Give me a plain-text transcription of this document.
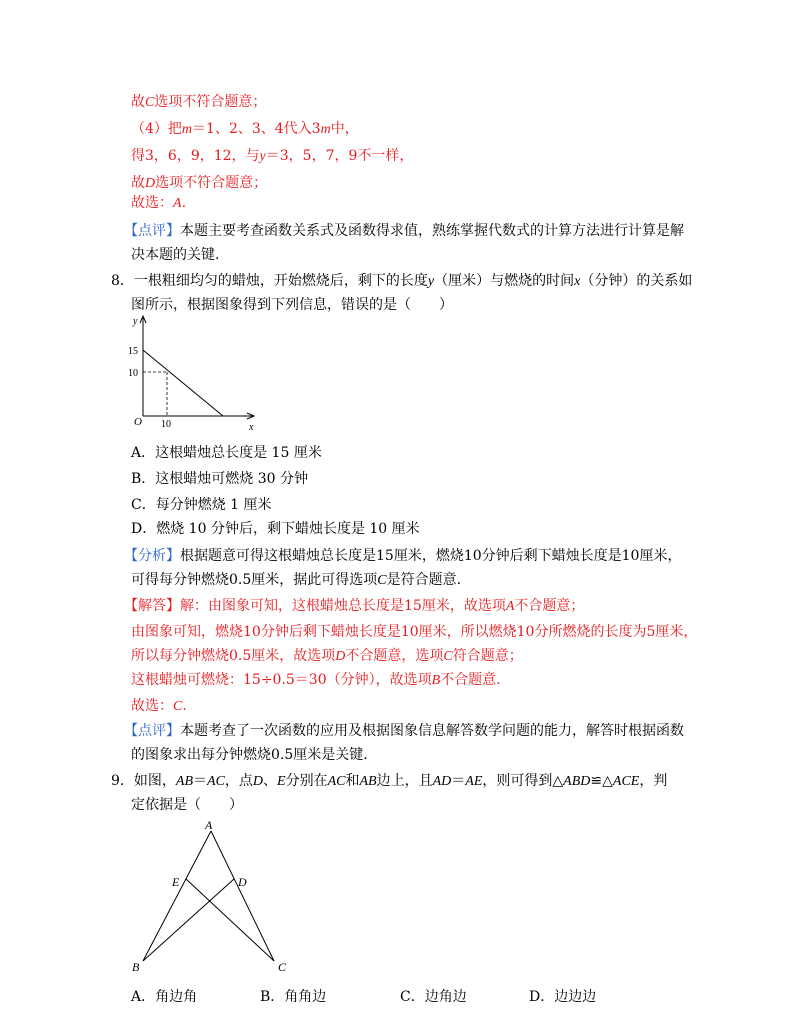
故C选项不符合题意；
（4）把m＝1、2、3、4代入3m中，
得3，6，9，12，与y＝3，5，7，9不一样，
故D选项不符合题意；
故选：A.
【点评】本题主要考查函数关系式及函数得求值，熟练掌握代数式的计算方法进行计算是解
决本题的关键.
8．一根粗细均匀的蜡烛，开始燃烧后，剩下的长度y（厘米）与燃烧的时间x（分钟）的关系如
图所示，根据图象得到下列信息，错误的是（　　）
y
15
10
O 10	x
A．这根蜡烛总长度是 15 厘米
B．这根蜡烛可燃烧 30 分钟
C．每分钟燃烧 1 厘米
D．燃烧 10 分钟后，剩下蜡烛长度是 10 厘米
【分析】根据题意可得这根蜡烛总长度是15厘米，燃烧10分钟后剩下蜡烛长度是10厘米，
可得每分钟燃烧0.5厘米，据此可得选项C是符合题意.
【解答】解：由图象可知，这根蜡烛总长度是15厘米，故选项A不合题意；
由图象可知，燃烧10分钟后剩下蜡烛长度是10厘米，所以燃烧10分所燃烧的长度为5厘米，
所以每分钟燃烧0.5厘米，故选项D不合题意，选项C符合题意；
这根蜡烛可燃烧：15÷0.5＝30（分钟），故选项B不合题意.
故选：C.
【点评】本题考查了一次函数的应用及根据图象信息解答数学问题的能力，解答时根据函数
的图象求出每分钟燃烧0.5厘米是关键.
9．如图，AB＝AC，点D、E分别在AC和AB边上，且AD＝AE，则可得到△ABD≌△ACE，判
定依据是（　　）
A
E	D
B	C
A．角边角	B．角角边	C．边角边	D．边边边
